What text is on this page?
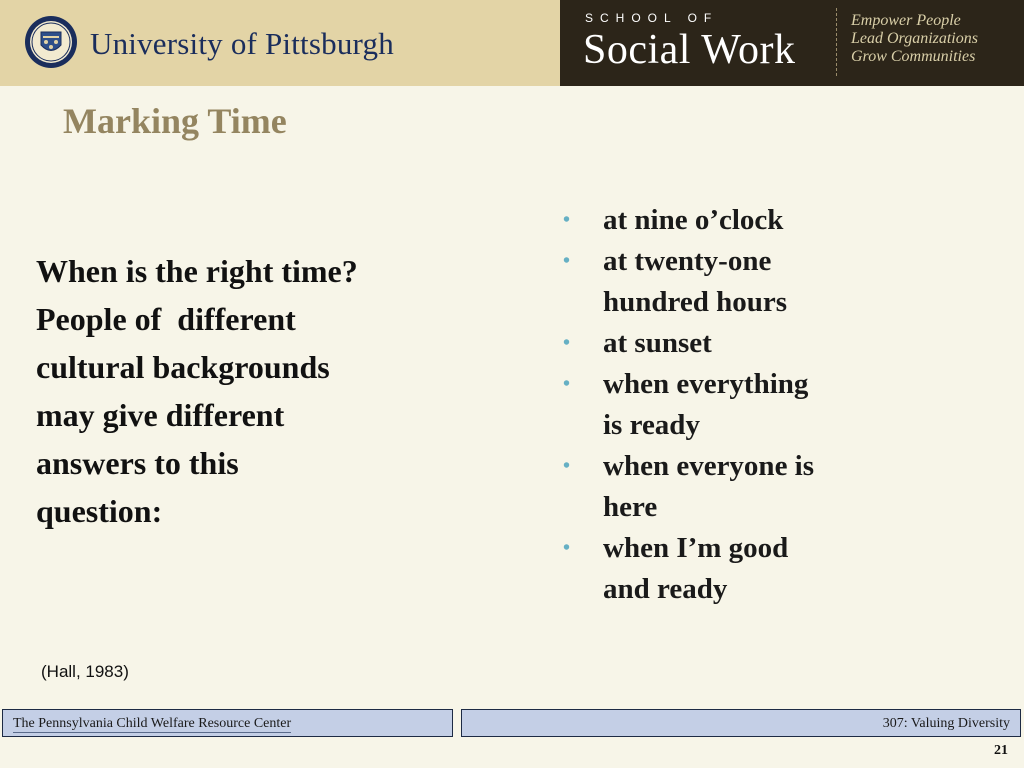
University of Pittsburgh
SCHOOL OF
Social Work
Empower People
Lead Organizations
Grow Communities
Marking Time
When is the right time?
People of  different
cultural backgrounds
may give different
answers to this
question:
• at nine o’clock
• at twenty-one
hundred hours
• at sunset
• when everything
is ready
• when everyone is
here
• when I’m good
and ready
(Hall, 1983)
The Pennsylvania Child Welfare Resource Center	307: Valuing Diversity
21
